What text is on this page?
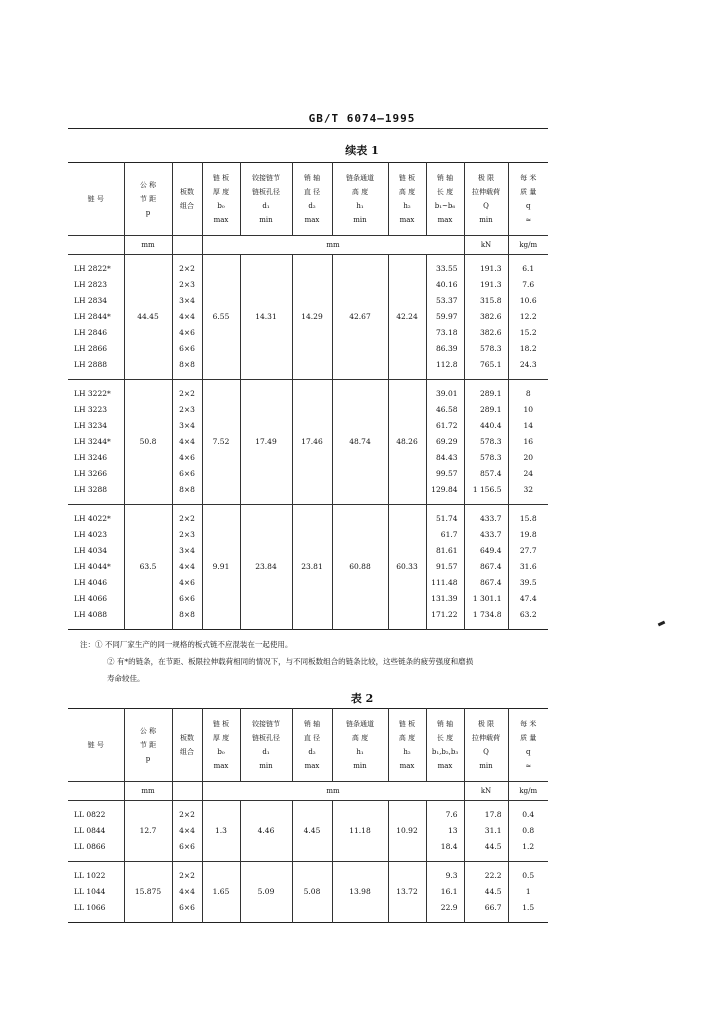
GB/T 6074—1995
续表 1
链 号	公 称
节 距
p	板数
组合	链 板
厚 度
b₀
max	铰接链节
链板孔径
d₁
min	销 轴
直 径
d₂
max	链条通道
高 度
h₁
min	链 板
高 度
h₂
max	销 轴
长 度
b₁~b₆
max	极 限
拉伸载荷
Q
min	每 米
质 量
q
≈
	mm		mm						kN	kg/m
LH 2822*	44.45	2×2	6.55	14.31	14.29	42.67	42.24	33.55	191.3	6.1
LH 2823		2×3						40.16	191.3	7.6
LH 2834		3×4						53.37	315.8	10.6
LH 2844*		4×4						59.97	382.6	12.2
LH 2846		4×6						73.18	382.6	15.2
LH 2866		6×6						86.39	578.3	18.2
LH 2888		8×8						112.8	765.1	24.3
LH 3222*	50.8	2×2	7.52	17.49	17.46	48.74	48.26	39.01	289.1	8
LH 3223		2×3						46.58	289.1	10
LH 3234		3×4						61.72	440.4	14
LH 3244*		4×4						69.29	578.3	16
LH 3246		4×6						84.43	578.3	20
LH 3266		6×6						99.57	857.4	24
LH 3288		8×8						129.84	1 156.5	32
LH 4022*	63.5	2×2	9.91	23.84	23.81	60.88	60.33	51.74	433.7	15.8
LH 4023		2×3						61.7	433.7	19.8
LH 4034		3×4						81.61	649.4	27.7
LH 4044*		4×4						91.57	867.4	31.6
LH 4046		4×6						111.48	867.4	39.5
LH 4066		6×6						131.39	1 301.1	47.4
LH 4088		8×8						171.22	1 734.8	63.2
注：① 不同厂家生产的同一规格的板式链不应混装在一起使用。
② 有*的链条，在节距、板限拉伸载荷相同的情况下，与不同板数组合的链条比较，这些链条的疲劳强度和磨损
寿命较佳。
表 2
链 号	公 称
节 距
p	板数
组合	链 板
厚 度
b₀
max	铰接链节
链板孔径
d₁
min	销 轴
直 径
d₂
max	链条通道
高 度
h₁
min	链 板
高 度
h₂
max	销 轴
长 度
b₁,b₂,b₃
max	极 限
拉伸载荷
Q
min	每 米
质 量
q
≈
	mm		mm						kN	kg/m
LL 0822	12.7	2×2	1.3	4.46	4.45	11.18	10.92	7.6	17.8	0.4
LL 0844		4×4						13	31.1	0.8
LL 0866		6×6						18.4	44.5	1.2
LL 1022	15.875	2×2	1.65	5.09	5.08	13.98	13.72	9.3	22.2	0.5
LL 1044		4×4						16.1	44.5	1
LL 1066		6×6						22.9	66.7	1.5
